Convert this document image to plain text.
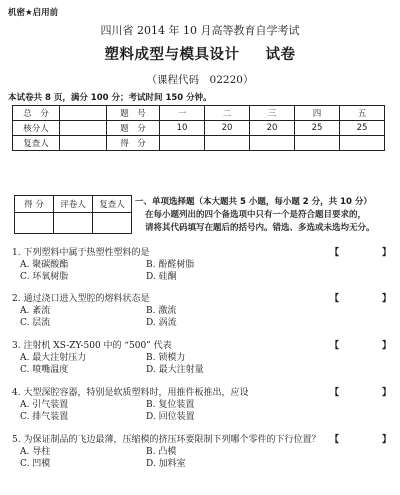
机密★启用前
四川省 2014 年 10 月高等教育自学考试
塑料成型与模具设计 试卷
（课程代码　02220）
本试卷共 8 页，满分 100 分；考试时间 150 分钟。
总　分		题　号	一	二	三	四	五
核分人		题　分	10	20	20	25	25
复查人		得　分					
得 分	评卷人	复查人
		一、单项选择题（本大题共 5 小题，每小题 2 分，共 10 分）
在每小题列出的四个备选项中只有一个是符合题目要求的，
请将其代码填写在题后的括号内。错选、多选或未选均无分。
1. 下列塑料中属于热塑性塑料的是	【	】
A. 聚碳酸酯	B. 酚醛树脂
C. 环氧树脂	D. 硅酮
2. 通过浇口进入型腔的熔料状态是	【	】
A. 紊流	B. 激流
C. 层流	D. 涡流
3. 注射机 XS-ZY-500 中的 “500” 代表	【	】
A. 最大注射压力	B. 锁模力
C. 喷嘴温度	D. 最大注射量
4. 大型深腔容器，特别是软质塑料时，用推件板推出，应设	【	】
A. 引气装置	B. 复位装置
C. 排气装置	D. 回位装置
5. 为保证制品的飞边最薄，压缩模的挤压环要限制下列哪个零件的下行位置？ 【	】
A. 导柱	B. 凸模
C. 凹模	D. 加料室
